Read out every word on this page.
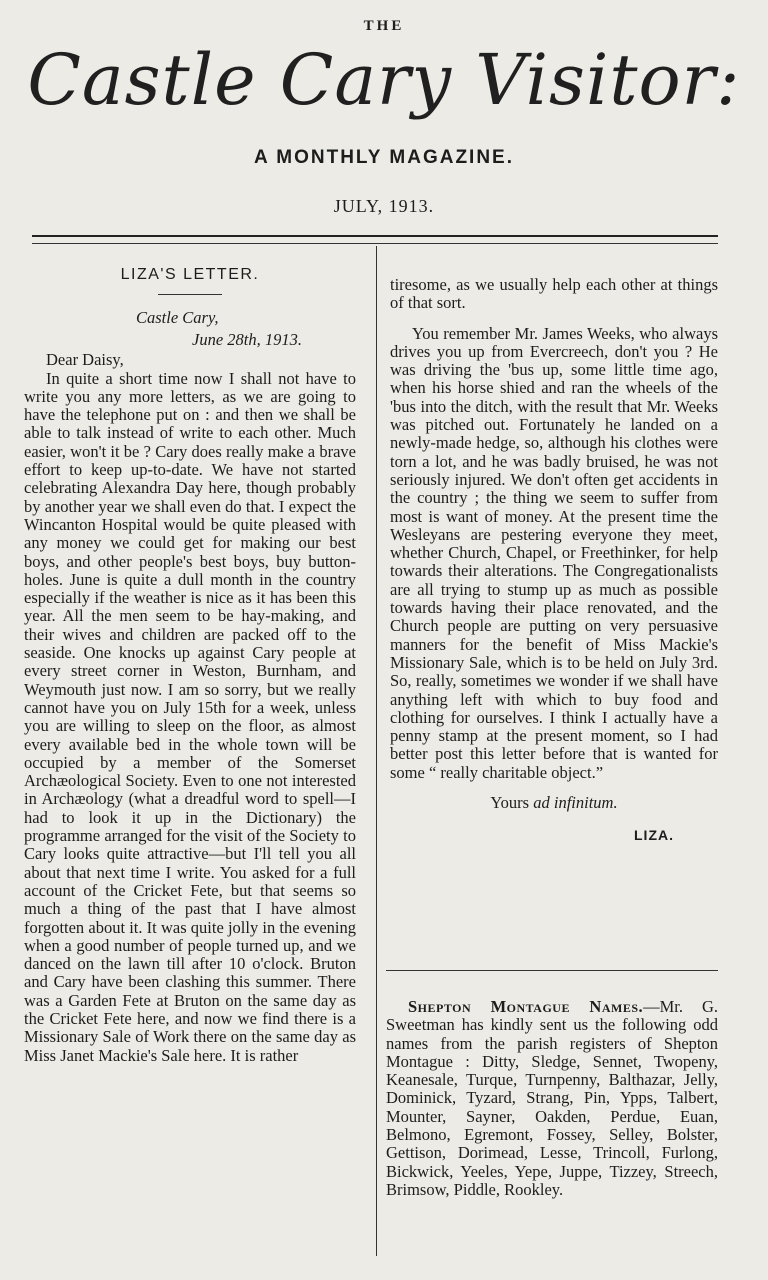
THE
Castle Cary Visitor:
A MONTHLY MAGAZINE.
JULY, 1913.
LIZA'S LETTER.
Castle Cary,
June 28th, 1913.

Dear Daisy,

In quite a short time now I shall not have to write you any more letters, as we are going to have the telephone put on : and then we shall be able to talk instead of write to each other. Much easier, won't it be ? Cary does really make a brave effort to keep up-to-date. We have not started celebrating Alexandra Day here, though probably by another year we shall even do that. I expect the Wincanton Hospital would be quite pleased with any money we could get for making our best boys, and other people's best boys, buy button-holes. June is quite a dull month in the country especially if the weather is nice as it has been this year. All the men seem to be hay-making, and their wives and children are packed off to the seaside. One knocks up against Cary people at every street corner in Weston, Burnham, and Weymouth just now. I am so sorry, but we really cannot have you on July 15th for a week, unless you are willing to sleep on the floor, as almost every available bed in the whole town will be occupied by a member of the Somerset Archæological Society. Even to one not interested in Archæology (what a dreadful word to spell—I had to look it up in the Dictionary) the programme arranged for the visit of the Society to Cary looks quite attractive—but I'll tell you all about that next time I write. You asked for a full account of the Cricket Fete, but that seems so much a thing of the past that I have almost forgotten about it. It was quite jolly in the evening when a good number of people turned up, and we danced on the lawn till after 10 o'clock. Bruton and Cary have been clashing this summer. There was a Garden Fete at Bruton on the same day as the Cricket Fete here, and now we find there is a Missionary Sale of Work there on the same day as Miss Janet Mackie's Sale here. It is rather

tiresome, as we usually help each other at things of that sort.

You remember Mr. James Weeks, who always drives you up from Evercreech, don't you ? He was driving the 'bus up, some little time ago, when his horse shied and ran the wheels of the 'bus into the ditch, with the result that Mr. Weeks was pitched out. Fortunately he landed on a newly-made hedge, so, although his clothes were torn a lot, and he was badly bruised, he was not seriously injured. We don't often get accidents in the country ; the thing we seem to suffer from most is want of money. At the present time the Wesleyans are pestering everyone they meet, whether Church, Chapel, or Freethinker, for help towards their alterations. The Congregationalists are all trying to stump up as much as possible towards having their place renovated, and the Church people are putting on very persuasive manners for the benefit of Miss Mackie's Missionary Sale, which is to be held on July 3rd. So, really, sometimes we wonder if we shall have anything left with which to buy food and clothing for ourselves. I think I actually have a penny stamp at the present moment, so I had better post this letter before that is wanted for some “ really charitable object.”

Yours ad infinitum.
LIZA.

Shepton Montague Names.—Mr. G. Sweetman has kindly sent us the following odd names from the parish registers of Shepton Montague : Ditty, Sledge, Sennet, Twopeny, Keanesale, Turque, Turnpenny, Balthazar, Jelly, Dominick, Tyzard, Strang, Pin, Ypps, Talbert, Mounter, Sayner, Oakden, Perdue, Euan, Belmono, Egremont, Fossey, Selley, Bolster, Gettison, Dorimead, Lesse, Trincoll, Furlong, Bickwick, Yeeles, Yepe, Juppe, Tizzey, Streech, Brimsow, Piddle, Rookley.
